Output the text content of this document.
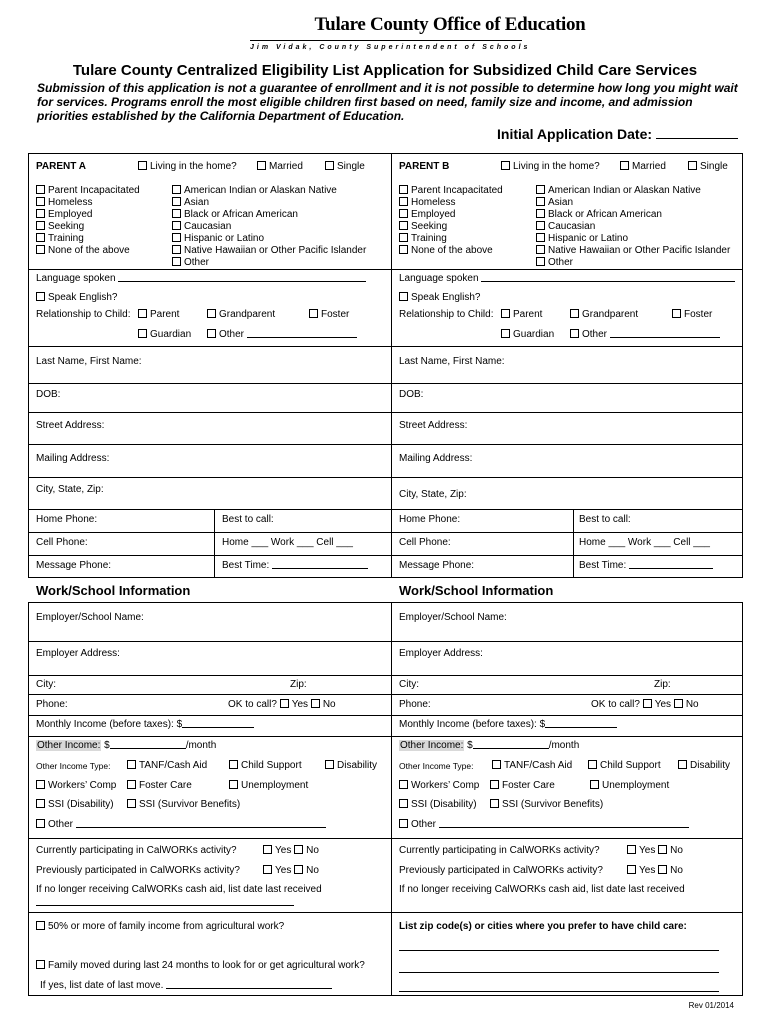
Tulare County Office of Education
Jim Vidak, County Superintendent of Schools
Tulare County Centralized Eligibility List Application for Subsidized Child Care Services
Submission of this application is not a guarantee of enrollment and it is not possible to determine how long you might wait for services. Programs enroll the most eligible children first based on need, family size and income, and admission priorities established by the California Department of Education.
Initial Application Date:
PARENT A	Living in the home?	Married	Single
Parent Incapacitated
Homeless
Employed
Seeking
Training
None of the above
American Indian or Alaskan Native
Asian
Black or African American
Caucasian
Hispanic or Latino
Native Hawaiian or Other Pacific Islander
Other
Language spoken
Speak English?
Relationship to Child:	Parent	Grandparent	Foster
Guardian	Other
Last Name, First Name:
DOB:
Street Address:
Mailing Address:
City, State, Zip:
Home Phone:	Best to call:
Cell Phone:	Home ___ Work ___ Cell ___
Message Phone:	Best Time:
PARENT B	Living in the home?	Married	Single
Parent Incapacitated
Homeless
Employed
Seeking
Training
None of the above
American Indian or Alaskan Native
Asian
Black or African American
Caucasian
Hispanic or Latino
Native Hawaiian or Other Pacific Islander
Other
Language spoken
Speak English?
Relationship to Child:	Parent	Grandparent	Foster
Guardian	Other
Last Name, First Name:
DOB:
Street Address:
Mailing Address:
City, State, Zip:
Home Phone:	Best to call:
Cell Phone:	Home ___ Work ___ Cell ___
Message Phone:	Best Time:
Work/School Information	Work/School Information
Employer/School Name:
Employer Address:
City:	Zip:
Phone:	OK to call? Yes No
Monthly Income (before taxes): $
Other Income: $	/month
Other Income Type:	TANF/Cash Aid	Child Support	Disability
Workers’ Comp	Foster Care	Unemployment
SSI (Disability)	SSI (Survivor Benefits)
Other
Currently participating in CalWORKs activity?	Yes No
Previously participated in CalWORKs activity?	Yes No
If no longer receiving CalWORKs cash aid, list date last received
Employer/School Name:
Employer Address:
City:	Zip:
Phone:	OK to call? Yes No
Monthly Income (before taxes): $
Other Income: $	/month
Other Income Type:	TANF/Cash Aid	Child Support	Disability
Workers’ Comp	Foster Care	Unemployment
SSI (Disability)	SSI (Survivor Benefits)
Other
Currently participating in CalWORKs activity?	Yes No
Previously participated in CalWORKs activity?	Yes No
If no longer receiving CalWORKs cash aid, list date last received
50% or more of family income from agricultural work?
Family moved during last 24 months to look for or get agricultural work?
If yes, list date of last move.
List zip code(s) or cities where you prefer to have child care:
Rev 01/2014
